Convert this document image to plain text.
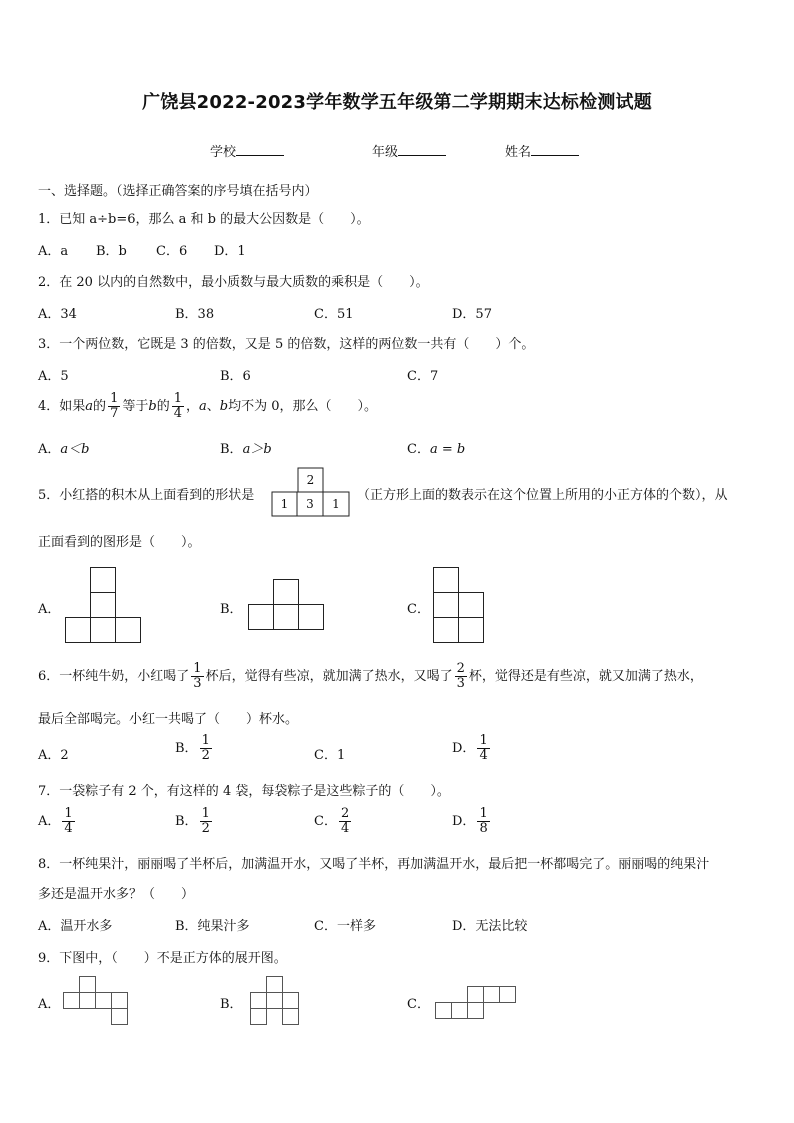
广饶县2022-2023学年数学五年级第二学期期末达标检测试题
学校	年级	姓名
一、选择题。（选择正确答案的序号填在括号内）
1．已知 a÷b=6，那么 a 和 b 的最大公因数是（　　）。
A．a B．b C．6 D．1
2．在 20 以内的自然数中，最小质数与最大质数的乘积是（　　）。
A．34	B．38	C．51	D．57
3．一个两位数，它既是 3 的倍数，又是 5 的倍数，这样的两位数一共有（　　）个。
A．5	B．6	C．7
4．如果a的 $\frac{1}{7}$ 等于b的 $\frac{1}{4}$ ，a、b均不为 0，那么（　　）。
A．a＜b	B．a＞b	C．a = b
5．小红搭的积木从上面看到的形状是
2
1 3 1
（正方形上面的数表示在这个位置上所用的小正方体的个数），从
正面看到的图形是（　　）。
A．	B．	C．
6．一杯纯牛奶，小红喝了 $\frac{1}{3}$ 杯后，觉得有些凉，就加满了热水，又喝了 $\frac{2}{3}$ 杯，觉得还是有些凉，就又加满了热水，
最后全部喝完。小红一共喝了（　　）杯水。
A．2	B． $\frac{1}{2}$	C．1	D． $\frac{1}{4}$
7．一袋粽子有 2 个，有这样的 4 袋，每袋粽子是这些粽子的（　　）。
A． $\frac{1}{4}$	B． $\frac{1}{2}$	C． $\frac{2}{4}$	D． $\frac{1}{8}$
8．一杯纯果汁，丽丽喝了半杯后，加满温开水，又喝了半杯，再加满温开水，最后把一杯都喝完了。丽丽喝的纯果汁
多还是温开水多？（　　）
A．温开水多	B．纯果汁多	C．一样多	D．无法比较
9．下图中，（　　）不是正方体的展开图。
A．	B．	C．
